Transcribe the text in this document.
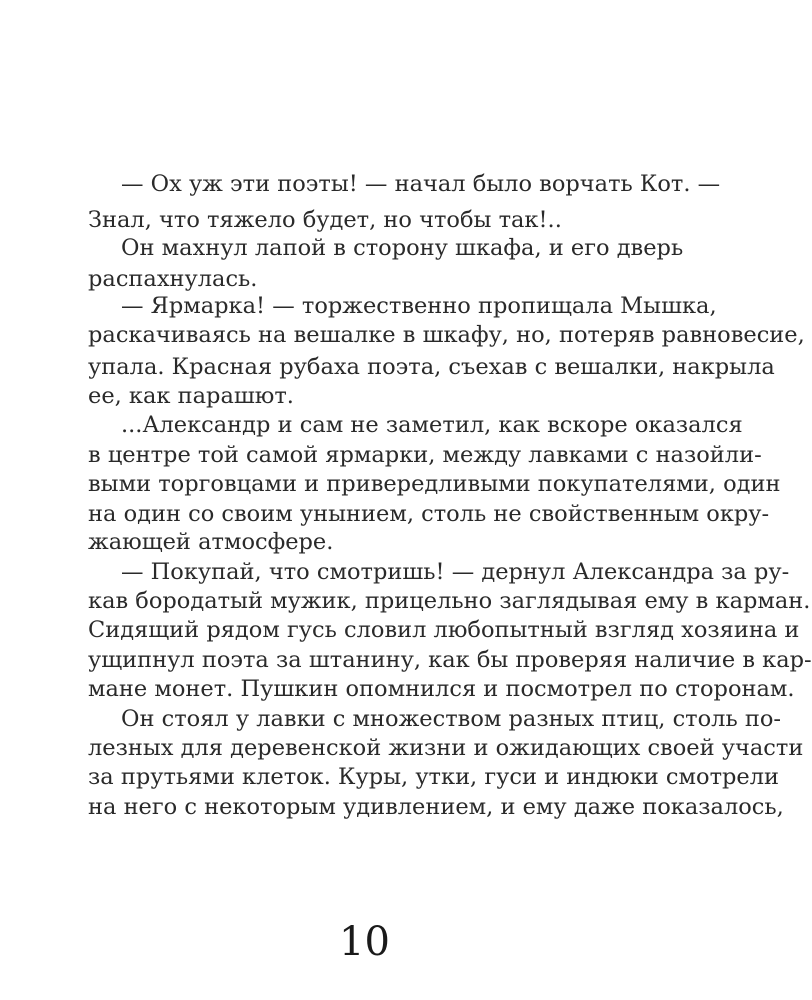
— Ох уж эти поэты! — начал было ворчать Кот. —
Знал, что тяжело будет, но чтобы так!..
Он махнул лапой в сторону шкафа, и его дверь
распахнулась.
— Ярмарка! — торжественно пропищала Мышка,
раскачиваясь на вешалке в шкафу, но, потеряв равновесие,
упала. Красная рубаха поэта, съехав с вешалки, накрыла
ее, как парашют.
...Александр и сам не заметил, как вскоре оказался
в центре той самой ярмарки, между лавками с назойли-
выми торговцами и привередливыми покупателями, один
на один со своим унынием, столь не свойственным окру-
жающей атмосфере.
— Покупай, что смотришь! — дернул Александра за ру-
кав бородатый мужик, прицельно заглядывая ему в карман.
Сидящий рядом гусь словил любопытный взгляд хозяина и
ущипнул поэта за штанину, как бы проверяя наличие в кар-
мане монет. Пушкин опомнился и посмотрел по сторонам.
Он стоял у лавки с множеством разных птиц, столь по-
лезных для деревенской жизни и ожидающих своей участи
за прутьями клеток. Куры, утки, гуси и индюки смотрели
на него с некоторым удивлением, и ему даже показалось,
10
